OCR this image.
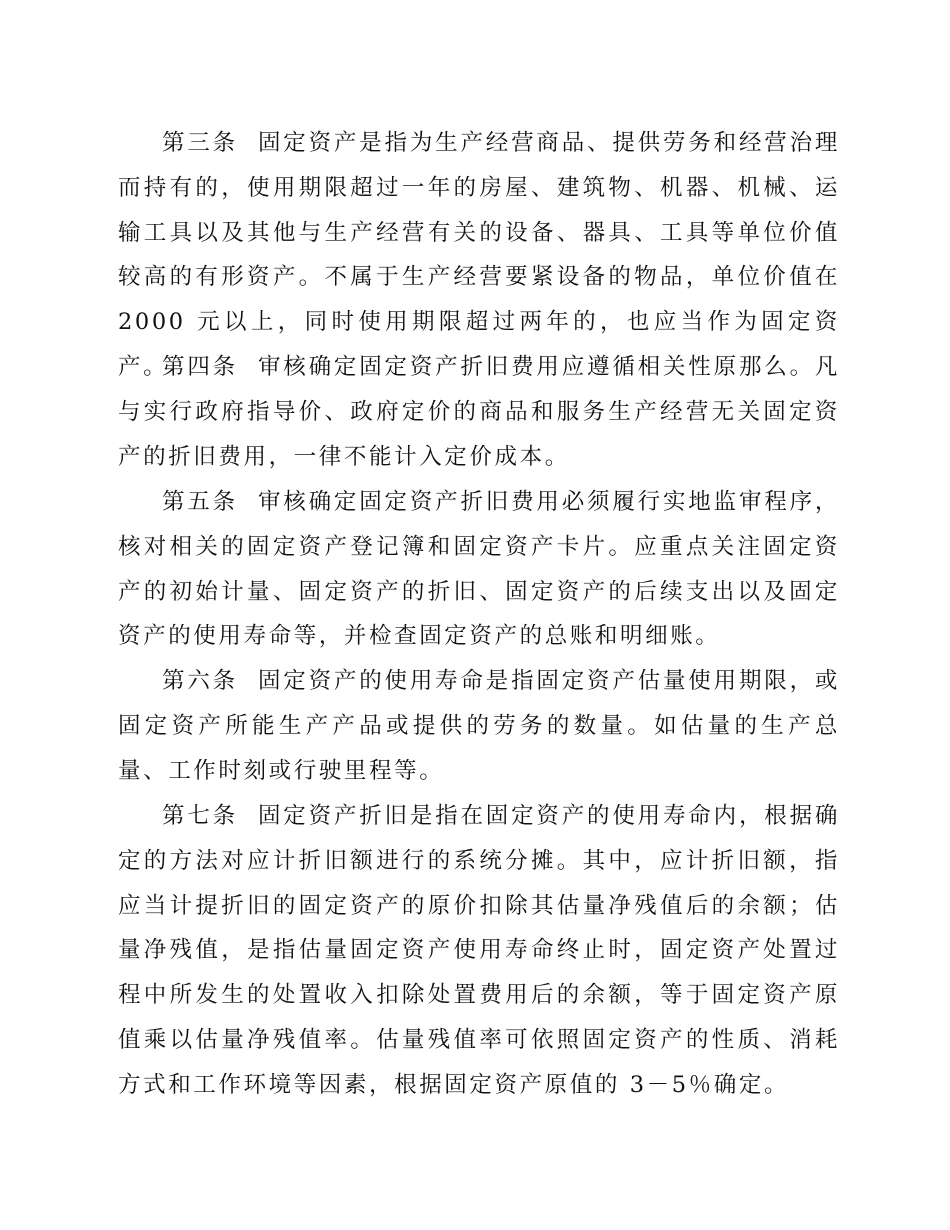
第三条 固定资产是指为生产经营商品、提供劳务和经营治理而持有的，使用期限超过一年的房屋、建筑物、机器、机械、运输工具以及其他与生产经营有关的设备、器具、工具等单位价值较高的有形资产。不属于生产经营要紧设备的物品，单位价值在 2000 元以上，同时使用期限超过两年的，也应当作为固定资产。

第四条 审核确定固定资产折旧费用应遵循相关性原那么。凡与实行政府指导价、政府定价的商品和服务生产经营无关固定资产的折旧费用，一律不能计入定价成本。

第五条 审核确定固定资产折旧费用必须履行实地监审程序，核对相关的固定资产登记簿和固定资产卡片。应重点关注固定资产的初始计量、固定资产的折旧、固定资产的后续支出以及固定资产的使用寿命等，并检查固定资产的总账和明细账。

第六条 固定资产的使用寿命是指固定资产估量使用期限，或固定资产所能生产产品或提供的劳务的数量。如估量的生产总量、工作时刻或行驶里程等。

第七条 固定资产折旧是指在固定资产的使用寿命内，根据确定的方法对应计折旧额进行的系统分摊。其中，应计折旧额，指应当计提折旧的固定资产的原价扣除其估量净残值后的余额；估量净残值，是指估量固定资产使用寿命终止时，固定资产处置过程中所发生的处置收入扣除处置费用后的余额，等于固定资产原值乘以估量净残值率。估量残值率可依照固定资产的性质、消耗方式和工作环境等因素，根据固定资产原值的 3－5％确定。
